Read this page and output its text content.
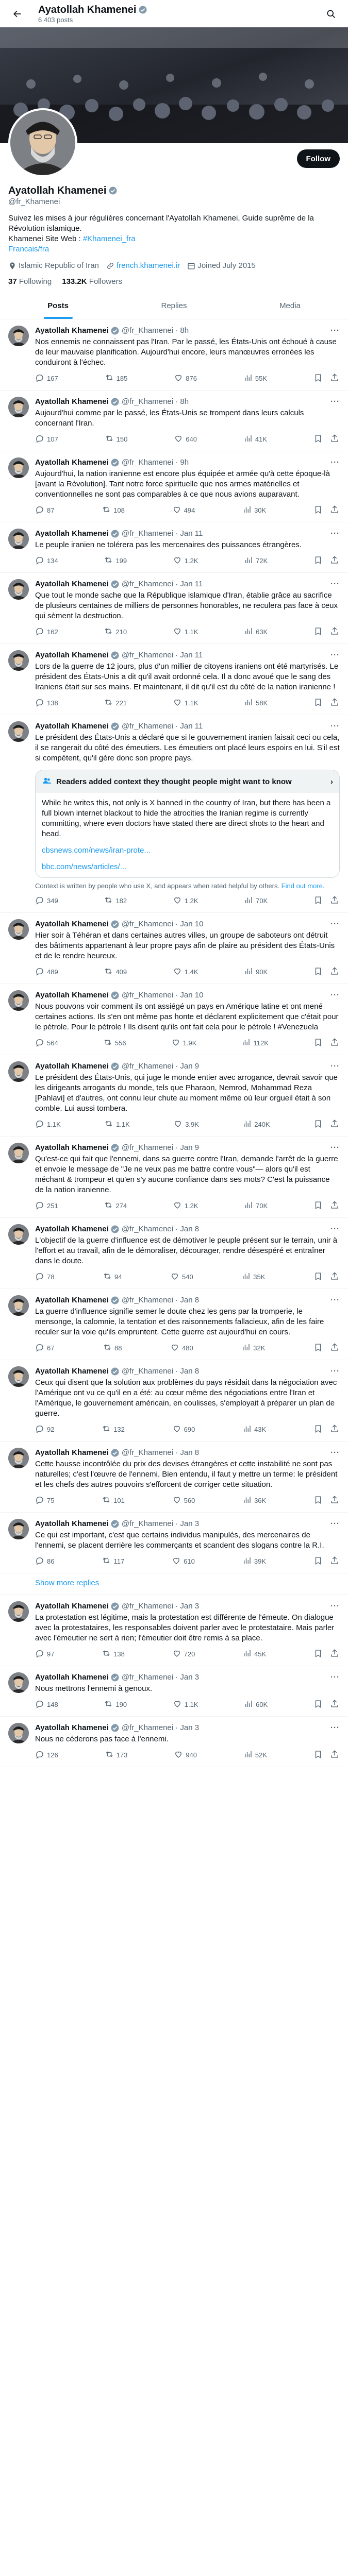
Ayatollah Khamenei
6 403 posts
Follow
Ayatollah Khamenei
@fr_Khamenei
Suivez les mises à jour régulières concernant l'Ayatollah Khamenei, Guide suprême de la Révolution islamique.
Khamenei Site Web : #Khamenei_fra
Francais/fra
Islamic Republic of Iran french.khamenei.ir Joined July 2015
37 Following 133.2K Followers
Posts	Replies	Media
Ayatollah Khamenei @fr_Khamenei · 8h	···
Nos ennemis ne connaissent pas l'Iran. Par le passé, les États-Unis ont échoué à cause de leur mauvaise planification. Aujourd'hui encore, leurs manœuvres erronées les conduiront à l'échec.
167	185	876	55K
Ayatollah Khamenei @fr_Khamenei · 8h	···
Aujourd'hui comme par le passé, les États-Unis se trompent dans leurs calculs concernant l'Iran.
107	150	640	41K
Ayatollah Khamenei @fr_Khamenei · 9h	···
Aujourd'hui, la nation iranienne est encore plus équipée et armée qu'à cette époque-là [avant la Révolution]. Tant notre force spirituelle que nos armes matérielles et conventionnelles ne sont pas comparables à ce que nous avions auparavant.
87	108	494	30K
Ayatollah Khamenei @fr_Khamenei · Jan 11	···
Le peuple iranien ne tolérera pas les mercenaires des puissances étrangères.
134	199	1.2K	72K
Ayatollah Khamenei @fr_Khamenei · Jan 11	···
Que tout le monde sache que la République islamique d'Iran, établie grâce au sacrifice de plusieurs centaines de milliers de personnes honorables, ne reculera pas face à ceux qui sèment la destruction.
162	210	1.1K	63K
Ayatollah Khamenei @fr_Khamenei · Jan 11	···
Lors de la guerre de 12 jours, plus d'un millier de citoyens iraniens ont été martyrisés. Le président des États-Unis a dit qu'il avait ordonné cela. Il a donc avoué que le sang des Iraniens était sur ses mains. Et maintenant, il dit qu'il est du côté de la nation iranienne !
138	221	1.1K	58K
Ayatollah Khamenei @fr_Khamenei · Jan 11	···
Le président des États-Unis a déclaré que si le gouvernement iranien faisait ceci ou cela, il se rangerait du côté des émeutiers. Les émeutiers ont placé leurs espoirs en lui. S'il est si compétent, qu'il gère donc son propre pays.
Readers added context they thought people might want to know	›
While he writes this, not only is X banned in the country of Iran, but there has been a full blown internet blackout to hide the atrocities the Iranian regime is currently committing, where even doctors have stated there are direct shots to the heart and head.
cbsnews.com/news/iran-prote...
bbc.com/news/articles/...
Context is written by people who use X, and appears when rated helpful by others. Find out more.
349	182	1.2K	70K
Ayatollah Khamenei @fr_Khamenei · Jan 10	···
Hier soir à Téhéran et dans certaines autres villes, un groupe de saboteurs ont détruit des bâtiments appartenant à leur propre pays afin de plaire au président des États-Unis et de le rendre heureux.
489	409	1.4K	90K
Ayatollah Khamenei @fr_Khamenei · Jan 10	···
Nous pouvons voir comment ils ont assiégé un pays en Amérique latine et ont mené certaines actions. Ils s'en ont même pas honte et déclarent explicitement que c'était pour le pétrole. Pour le pétrole ! Ils disent qu'ils ont fait cela pour le pétrole ! #Venezuela
564	556	1.9K	112K
Ayatollah Khamenei @fr_Khamenei · Jan 9	···
Le président des États-Unis, qui juge le monde entier avec arrogance, devrait savoir que les dirigeants arrogants du monde, tels que Pharaon, Nemrod, Mohammad Reza [Pahlavi] et d'autres, ont connu leur chute au moment même où leur orgueil était à son comble. Lui aussi tombera.
1.1K	1.1K	3.9K	240K
Ayatollah Khamenei @fr_Khamenei · Jan 9	···
Qu'est-ce qui fait que l'ennemi, dans sa guerre contre l'Iran, demande l'arrêt de la guerre et envoie le message de "Je ne veux pas me battre contre vous"— alors qu'il est méchant & trompeur et qu'en s'y aucune confiance dans ses mots? C'est la puissance de la nation iranienne.
251	274	1.2K	70K
Ayatollah Khamenei @fr_Khamenei · Jan 8	···
L'objectif de la guerre d'influence est de démotiver le peuple présent sur le terrain, unir à l'effort et au travail, afin de le démoraliser, décourager, rendre désespéré et entraîner dans le doute.
78	94	540	35K
Ayatollah Khamenei @fr_Khamenei · Jan 8	···
La guerre d'influence signifie semer le doute chez les gens par la tromperie, le mensonge, la calomnie, la tentation et des raisonnements fallacieux, afin de les faire reculer sur la voie qu'ils empruntent. Cette guerre est aujourd'hui en cours.
67	88	480	32K
Ayatollah Khamenei @fr_Khamenei · Jan 8	···
Ceux qui disent que la solution aux problèmes du pays résidait dans la négociation avec l'Amérique ont vu ce qu'il en a été: au cœur même des négociations entre l'Iran et l'Amérique, le gouvernement américain, en coulisses, s'employait à préparer un plan de guerre.
92	132	690	43K
Ayatollah Khamenei @fr_Khamenei · Jan 8	···
Cette hausse incontrôlée du prix des devises étrangères et cette instabilité ne sont pas naturelles; c'est l'œuvre de l'ennemi. Bien entendu, il faut y mettre un terme: le président et les chefs des autres pouvoirs s'efforcent de corriger cette situation.
75	101	560	36K
Ayatollah Khamenei @fr_Khamenei · Jan 3	···
Ce qui est important, c'est que certains individus manipulés, des mercenaires de l'ennemi, se placent derrière les commerçants et scandent des slogans contre la R.I.
86	117	610	39K
Show more replies
Ayatollah Khamenei @fr_Khamenei · Jan 3	···
La protestation est légitime, mais la protestation est différente de l'émeute. On dialogue avec la protestataires, les responsables doivent parler avec le protestataire. Mais parler avec l'émeutier ne sert à rien; l'émeutier doit être remis à sa place.
97	138	720	45K
Ayatollah Khamenei @fr_Khamenei · Jan 3	···
Nous mettrons l'ennemi à genoux.
148	190	1.1K	60K
Ayatollah Khamenei @fr_Khamenei · Jan 3	···
Nous ne céderons pas face à l'ennemi.
126	173	940	52K
